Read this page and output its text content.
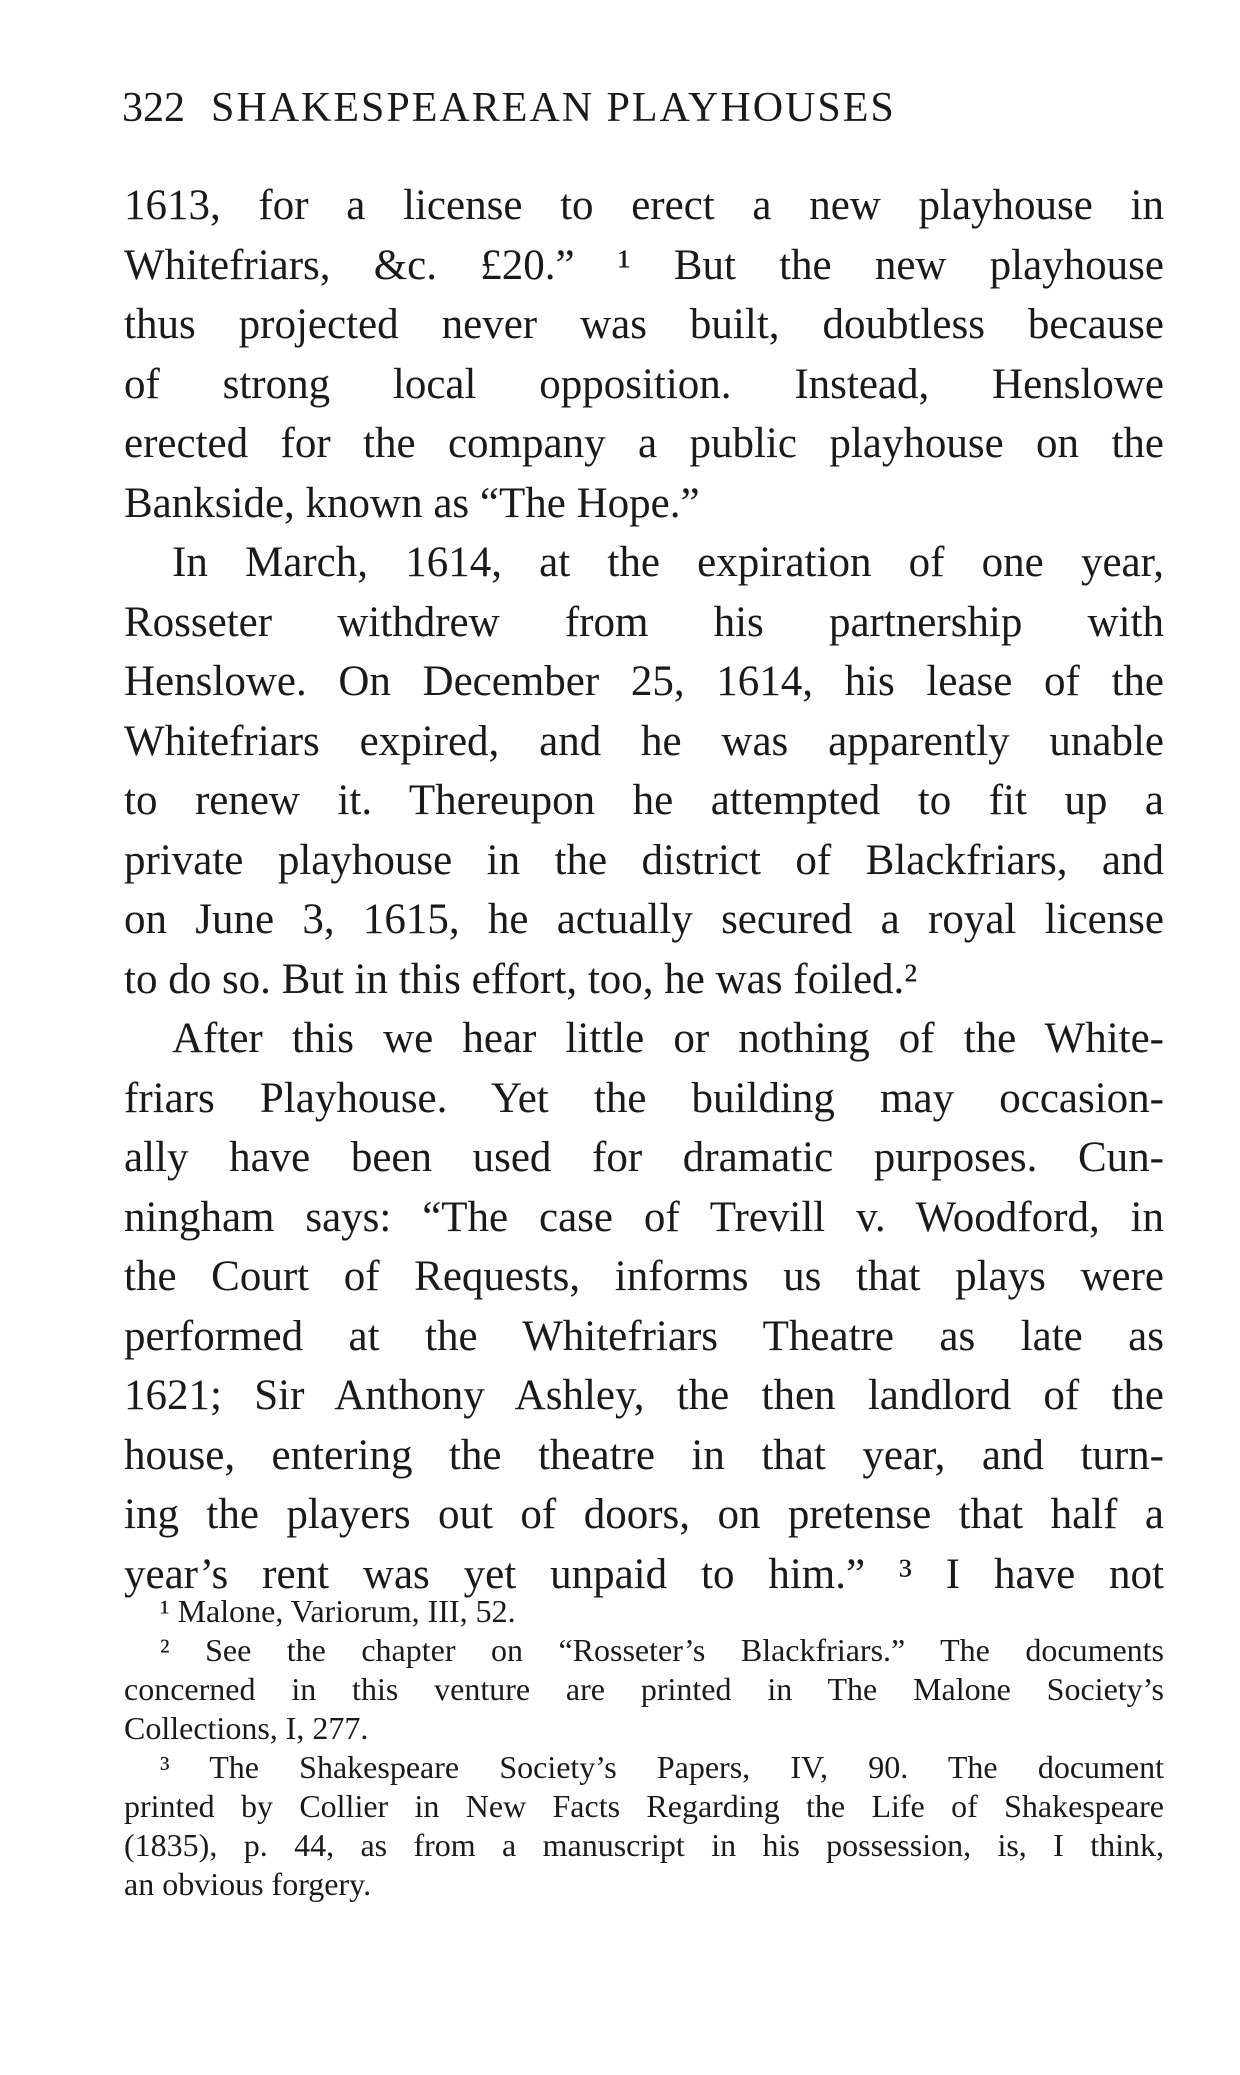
322 SHAKESPEAREAN PLAYHOUSES
1613, for a license to erect a new playhouse in
Whitefriars, &c. £20.” ¹ But the new playhouse
thus projected never was built, doubtless because
of strong local opposition. Instead, Henslowe
erected for the company a public playhouse on the
Bankside, known as “The Hope.”
In March, 1614, at the expiration of one year,
Rosseter withdrew from his partnership with
Henslowe. On December 25, 1614, his lease of the
Whitefriars expired, and he was apparently unable
to renew it. Thereupon he attempted to fit up a
private playhouse in the district of Blackfriars, and
on June 3, 1615, he actually secured a royal license
to do so. But in this effort, too, he was foiled.²
After this we hear little or nothing of the White-
friars Playhouse. Yet the building may occasion-
ally have been used for dramatic purposes. Cun-
ningham says: “The case of Trevill v. Woodford, in
the Court of Requests, informs us that plays were
performed at the Whitefriars Theatre as late as
1621; Sir Anthony Ashley, the then landlord of the
house, entering the theatre in that year, and turn-
ing the players out of doors, on pretense that half a
year’s rent was yet unpaid to him.” ³ I have not
¹ Malone, Variorum, III, 52.
² See the chapter on “Rosseter’s Blackfriars.” The documents
concerned in this venture are printed in The Malone Society’s
Collections, I, 277.
³ The Shakespeare Society’s Papers, IV, 90. The document
printed by Collier in New Facts Regarding the Life of Shakespeare
(1835), p. 44, as from a manuscript in his possession, is, I think,
an obvious forgery.
